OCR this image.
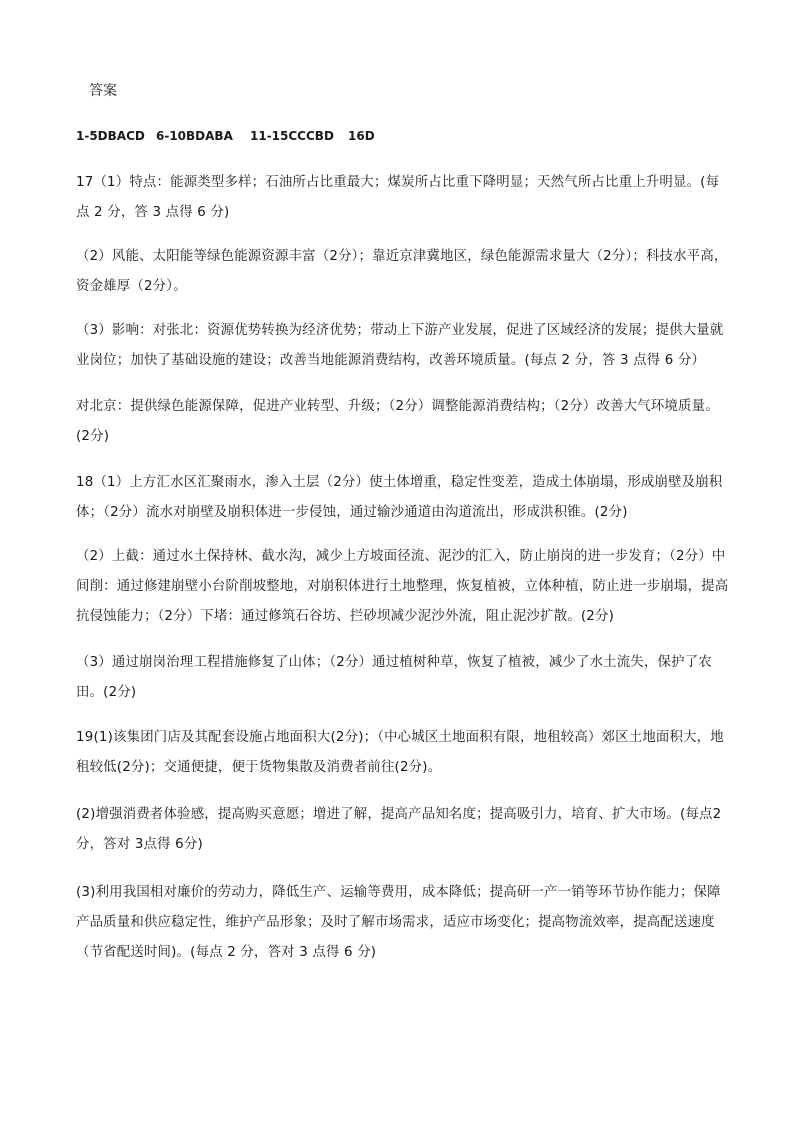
答案
1-5DBACD 6-10BDABA 11-15CCCBD 16D
17（1）特点：能源类型多样；石油所占比重最大；煤炭所占比重下降明显；天然气所占比重上升明显。(每点 2 分，答 3 点得 6 分)
（2）风能、太阳能等绿色能源资源丰富（2分）；靠近京津冀地区，绿色能源需求量大（2分）；科技水平高，资金雄厚（2分）。
（3）影响：对张北：资源优势转换为经济优势；带动上下游产业发展，促进了区域经济的发展；提供大量就业岗位；加快了基础设施的建设；改善当地能源消费结构，改善环境质量。(每点 2 分，答 3 点得 6 分）
对北京：提供绿色能源保障，促进产业转型、升级；（2分）调整能源消费结构；（2分）改善大气环境质量。(2分)
18（1）上方汇水区汇聚雨水，渗入土层（2分）使土体增重，稳定性变差，造成土体崩塌，形成崩壁及崩积体；（2分）流水对崩壁及崩积体进一步侵蚀，通过输沙通道由沟道流出，形成洪积锥。(2分)
（2）上截：通过水土保持林、截水沟，减少上方坡面径流、泥沙的汇入，防止崩岗的进一步发育；（2分）中间削：通过修建崩壁小台阶削坡整地，对崩积体进行土地整理，恢复植被，立体种植，防止进一步崩塌，提高抗侵蚀能力；（2分）下堵：通过修筑石谷坊、拦砂坝减少泥沙外流，阻止泥沙扩散。(2分)
（3）通过崩岗治理工程措施修复了山体；（2分）通过植树种草，恢复了植被，减少了水土流失，保护了农田。(2分)
19(1)该集团门店及其配套设施占地面积大(2分)；（中心城区土地面积有限，地租较高）郊区土地面积大，地租较低(2分)；交通便捷，便于货物集散及消费者前往(2分)。
(2)增强消费者体验感，提高购买意愿；增进了解，提高产品知名度；提高吸引力，培育、扩大市场。(每点2分，答对 3点得 6分)
(3)利用我国相对廉价的劳动力，降低生产、运输等费用，成本降低；提高研一产一销等环节协作能力；保障产品质量和供应稳定性，维护产品形象；及时了解市场需求，适应市场变化；提高物流效率，提高配送速度（节省配送时间)。(每点 2 分，答对 3 点得 6 分)
